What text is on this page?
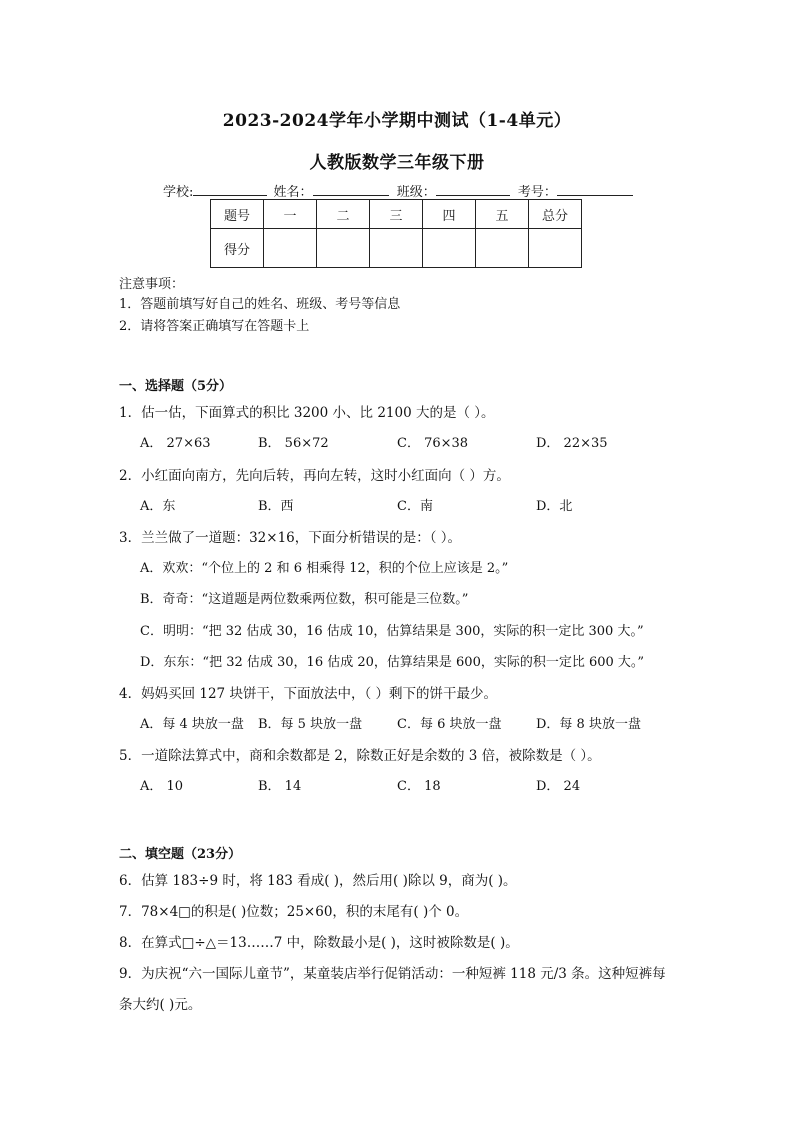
2023-2024学年小学期中测试（1-4单元）
人教版数学三年级下册
学校:	姓名：	班级：	考号：
题号	一	二	三	四	五	总分
得分						
注意事项：
1．答题前填写好自己的姓名、班级、考号等信息
2．请将答案正确填写在答题卡上
一、选择题（5分）
1．估一估，下面算式的积比 3200 小、比 2100 大的是（ ）。
A． 27×63	B． 56×72	C． 76×38	D． 22×35
2．小红面向南方，先向后转，再向左转，这时小红面向（ ）方。
A．东	B．西	C．南	D．北
3．兰兰做了一道题：32×16，下面分析错误的是：（ ）。
A．欢欢：“个位上的 2 和 6 相乘得 12，积的个位上应该是 2。”
B．奇奇：“这道题是两位数乘两位数，积可能是三位数。”
C．明明：“把 32 估成 30，16 估成 10，估算结果是 300，实际的积一定比 300 大。”
D．东东：“把 32 估成 30，16 估成 20，估算结果是 600，实际的积一定比 600 大。”
4．妈妈买回 127 块饼干，下面放法中，（ ）剩下的饼干最少。
A．每 4 块放一盘 B．每 5 块放一盘	C．每 6 块放一盘	D．每 8 块放一盘
5．一道除法算式中，商和余数都是 2，除数正好是余数的 3 倍，被除数是（ ）。
A． 10	B． 14	C． 18	D． 24
二、填空题（23分）
6．估算 183÷9 时，将 183 看成( )，然后用( )除以 9，商为( )。
7．78×4□的积是( )位数；25×60，积的末尾有( )个 0。
8．在算式□÷△＝13……7 中，除数最小是( )，这时被除数是( )。
9．为庆祝“六一国际儿童节”，某童装店举行促销活动：一种短裤 118 元/3 条。这种短裤每
条大约( )元。
